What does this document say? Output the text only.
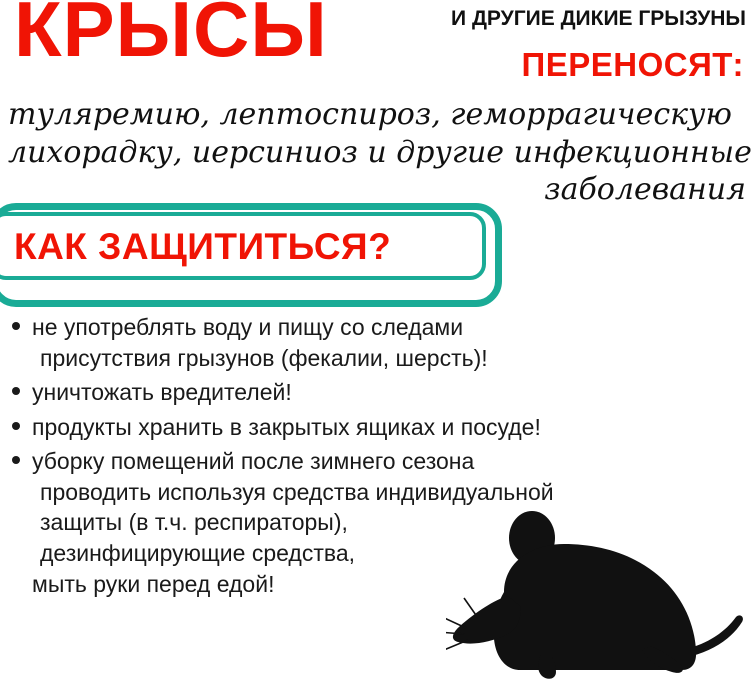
КРЫСЫ	И ДРУГИЕ ДИКИЕ ГРЫЗУНЫ
ПЕРЕНОСЯТ:
туляремию, лептоспироз, геморрагическую
лихорадку, иерсиниоз и другие инфекционные
заболевания
КАК ЗАЩИТИТЬСЯ?
не употреблять воду и пищу со следами
присутствия грызунов (фекалии, шерсть)!
уничтожать вредителей!
продукты хранить в закрытых ящиках и посуде!
уборку помещений после зимнего сезона
проводить используя средства индивидуальной
защиты (в т.ч. респираторы),
дезинфицирующие средства,
мыть руки перед едой!
